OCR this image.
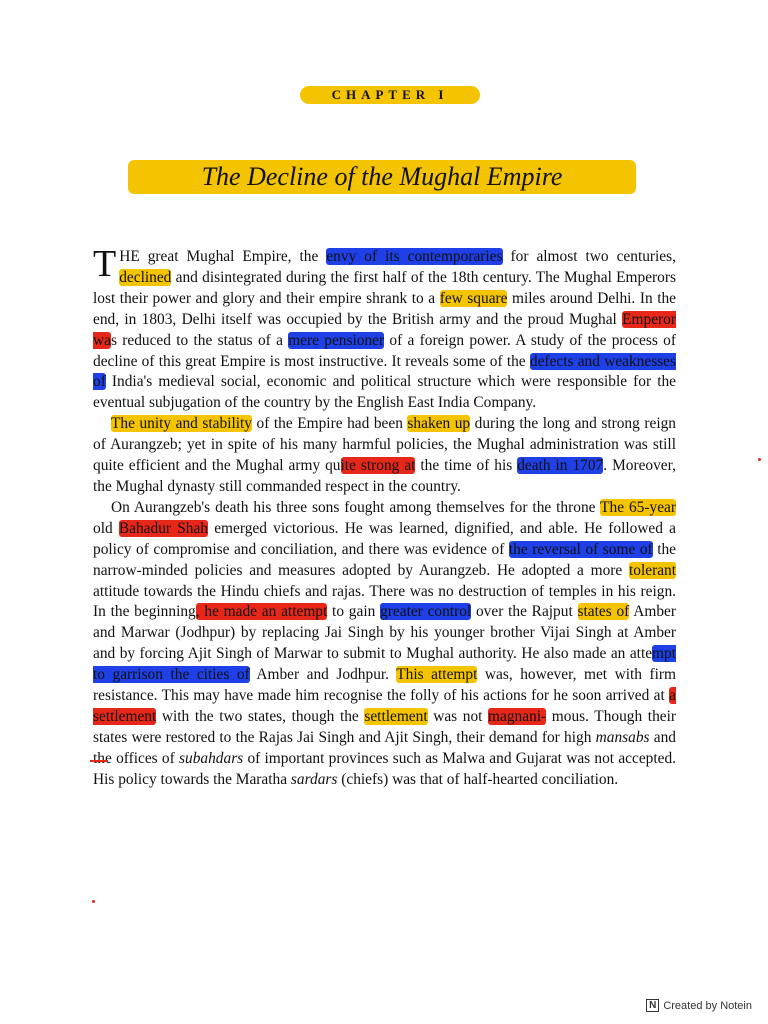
CHAPTER I
The Decline of the Mughal Empire

THE great Mughal Empire, the envy of its contemporaries for almost two centuries, declined and disintegrated during the first half of the 18th century. The Mughal Emperors lost their power and glory and their empire shrank to a few square miles around Delhi. In the end, in 1803, Delhi itself was occupied by the British army and the proud Mughal Emperor was reduced to the status of a mere pensioner of a foreign power. A study of the process of decline of this great Empire is most instructive. It reveals some of the defects and weaknesses of India's medieval social, economic and political structure which were responsible for the eventual subjugation of the country by the English East India Company.

The unity and stability of the Empire had been shaken up during the long and strong reign of Aurangzeb; yet in spite of his many harmful policies, the Mughal administration was still quite efficient and the Mughal army quite strong at the time of his death in 1707. Moreover, the Mughal dynasty still commanded respect in the country.

On Aurangzeb's death his three sons fought among themselves for the throne The 65-year old Bahadur Shah emerged victorious. He was learned, dignified, and able. He followed a policy of compromise and conciliation, and there was evidence of the reversal of some of the narrow-minded policies and measures adopted by Aurangzeb. He adopted a more tolerant attitude towards the Hindu chiefs and rajas. There was no destruction of temples in his reign. In the beginning, he made an attempt to gain greater control over the Rajput states of Amber and Marwar (Jodhpur) by replacing Jai Singh by his younger brother Vijai Singh at Amber and by forcing Ajit Singh of Marwar to submit to Mughal authority. He also made an attempt to garrison the cities of Amber and Jodhpur. This attempt was, however, met with firm resistance. This may have made him recognise the folly of his actions for he soon arrived at a settlement with the two states, though the settlement was not magnani- mous. Though their states were restored to the Rajas Jai Singh and Ajit Singh, their demand for high mansabs and the offices of subahdars of important provinces such as Malwa and Gujarat was not accepted. His policy towards the Maratha sardars (chiefs) was that of half-hearted conciliation.

N Created by Notein
